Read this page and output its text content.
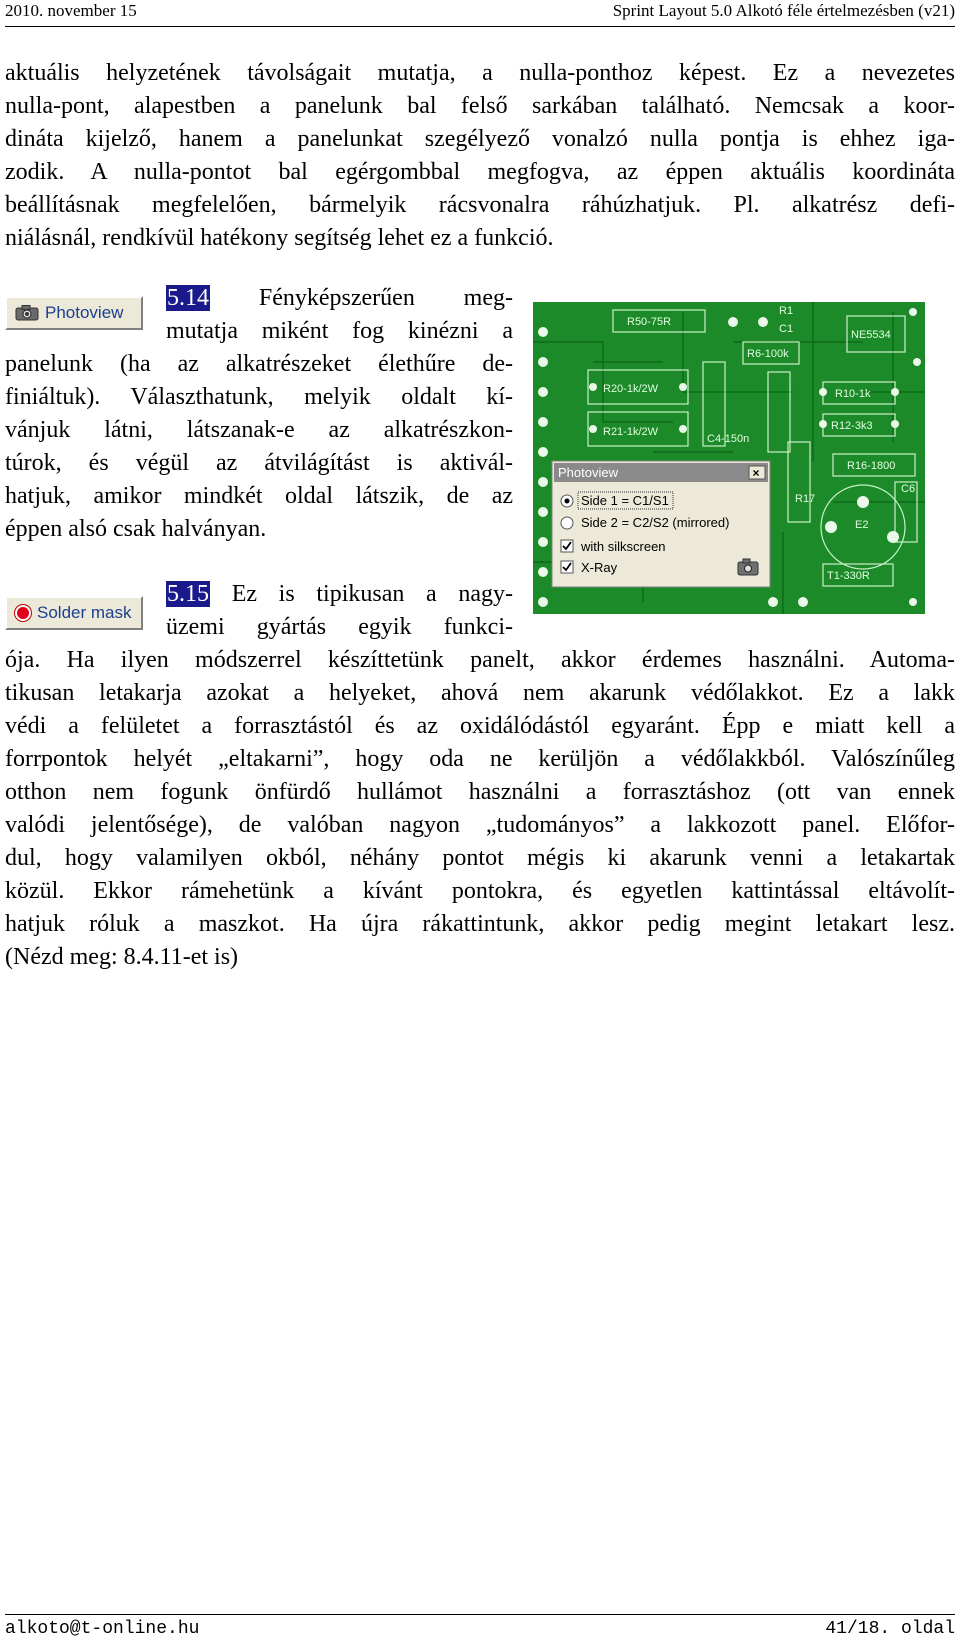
2010. november 15	Sprint Layout 5.0 Alkotó féle értelmezésben (v21)
aktuális helyzetének távolságait mutatja, a nulla-ponthoz képest. Ez a nevezetes
nulla-pont, alapestben a panelunk bal felső sarkában található. Nemcsak a koor-
dináta kijelző, hanem a panelunkat szegélyező vonalzó nulla pontja is ehhez iga-
zodik. A nulla-pontot bal egérgombbal megfogva, az éppen aktuális koordináta
beállításnak megfelelően, bármelyik rácsvonalra ráhúzhatjuk. Pl. alkatrész defi-
niálásnál, rendkívül hatékony segítség lehet ez a funkció.
Photoview
5.14 Fényképszerűen meg-
mutatja miként fog kinézni a
panelunk (ha az alkatrészeket élethűre de-
finiáltuk). Választhatunk, melyik oldalt kí-
vánjuk látni, látszanak-e az alkatrészkon-
túrok, és végül az átvilágítást is aktivál-
hatjuk, amikor mindkét oldal látszik, de az
éppen alsó csak halványan.
R50-75R
R6-100k
NE5534
R20-1k/2W	R10-1k
R12-3k3
R21-1k/2W
R16-1800
C6
R17
R1
E2
T1-330R
C1
C4-150n
Photoview	×
Side 1 = C1/S1
Side 2 = C2/S2 (mirrored)
with silkscreen
X-Ray
Solder mask
5.15 Ez is tipikusan a nagy-
üzemi gyártás egyik funkci-
ója. Ha ilyen módszerrel készíttetünk panelt, akkor érdemes használni. Automa-
tikusan letakarja azokat a helyeket, ahová nem akarunk védőlakkot. Ez a lakk
védi a felületet a forrasztástól és az oxidálódástól egyaránt. Épp e miatt kell a
forrpontok helyét „eltakarni”, hogy oda ne kerüljön a védőlakkból. Valószínűleg
otthon nem fogunk önfürdő hullámot használni a forrasztáshoz (ott van ennek
valódi jelentősége), de valóban nagyon „tudományos” a lakkozott panel. Előfor-
dul, hogy valamilyen okból, néhány pontot mégis ki akarunk venni a letakartak
közül. Ekkor rámehetünk a kívánt pontokra, és egyetlen kattintással eltávolít-
hatjuk róluk a maszkot. Ha újra rákattintunk, akkor pedig megint letakart lesz.
(Nézd meg: 8.4.11-et is)
alkoto@t-online.hu	41/18. oldal
